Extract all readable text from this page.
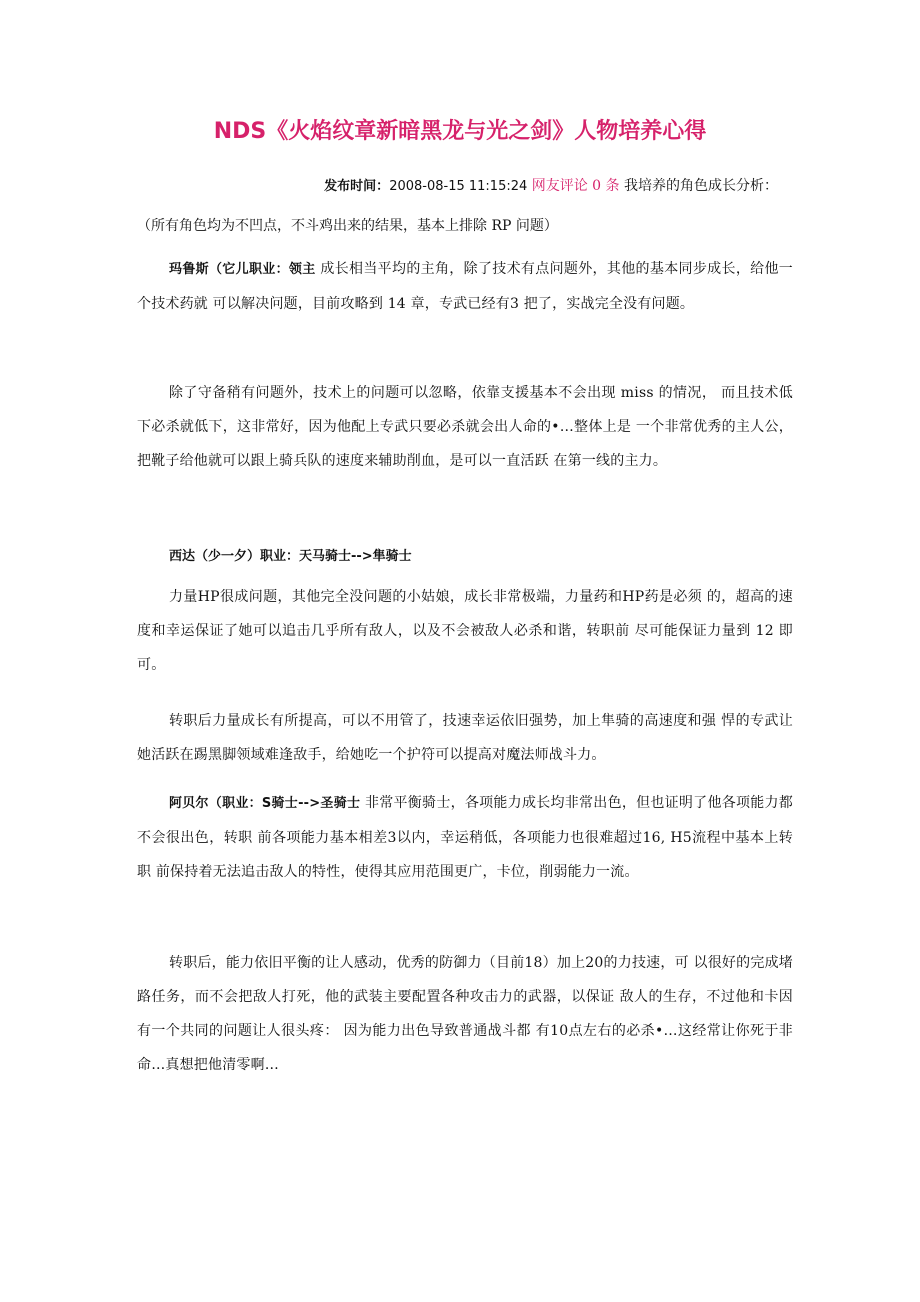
NDS《火焰纹章新暗黑龙与光之剑》人物培养心得
发布时间：2008-08-15 11:15:24 网友评论 0 条 我培养的角色成长分析：

（所有角色均为不凹点，不斗鸡出来的结果，基本上排除 RP 问题）

玛鲁斯（它儿职业：领主 成长相当平均的主角，除了技术有点问题外，其他的基本同步成长，给他一个技术药就 可以解决问题，目前攻略到 14 章，专武已经有3 把了，实战完全没有问题。

除了守备稍有问题外，技术上的问题可以忽略，依靠支援基本不会出现 miss 的情况， 而且技术低下必杀就低下，这非常好，因为他配上专武只要必杀就会出人命的•…整体上是 一个非常优秀的主人公，把靴子给他就可以跟上骑兵队的速度来辅助削血，是可以一直活跃 在第一线的主力。

西达（少一夕）职业：天马骑士-->隼骑士

力量HP很成问题，其他完全没问题的小姑娘，成长非常极端，力量药和HP药是必须 的，超高的速度和幸运保证了她可以追击几乎所有敌人，以及不会被敌人必杀和谐，转职前 尽可能保证力量到 12 即可。

转职后力量成长有所提高，可以不用管了，技速幸运依旧强势，加上隼骑的高速度和强 悍的专武让她活跃在踢黑脚领域难逢敌手，给她吃一个护符可以提高对魔法师战斗力。

阿贝尔（职业：S骑士-->圣骑士 非常平衡骑士，各项能力成长均非常出色，但也证明了他各项能力都不会很出色，转职 前各项能力基本相差3以内，幸运稍低，各项能力也很难超过16, H5流程中基本上转职 前保持着无法追击敌人的特性，使得其应用范围更广，卡位，削弱能力一流。

转职后，能力依旧平衡的让人感动，优秀的防御力（目前18）加上20的力技速，可 以很好的完成堵路任务，而不会把敌人打死，他的武装主要配置各种攻击力的武器，以保证 敌人的生存，不过他和卡因有一个共同的问题让人很头疼： 因为能力出色导致普通战斗都 有10点左右的必杀•…这经常让你死于非命…真想把他清零啊…
